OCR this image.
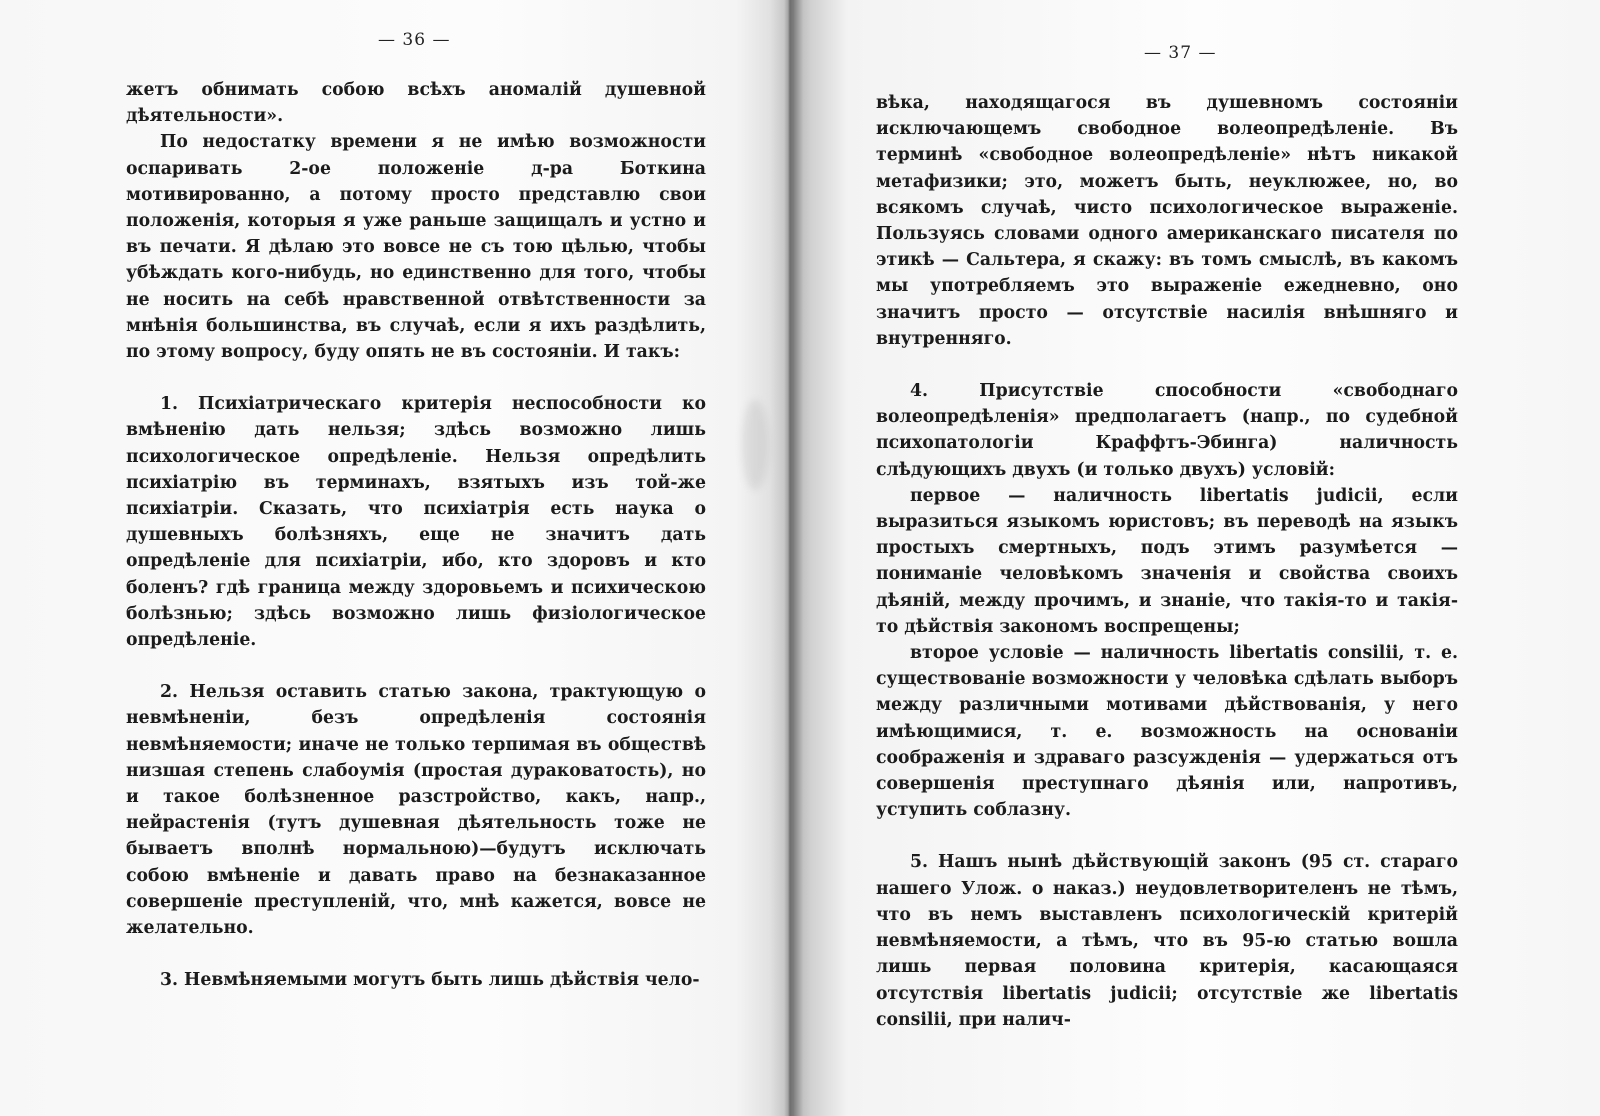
— 36 —

жетъ обнимать собою всѣхъ аномалій душевной дѣятельности».

По недостатку времени я не имѣю возможности оспаривать 2-ое положеніе д-ра Боткина мотивированно, а потому просто представлю свои положенія, которыя я уже раньше защищалъ и устно и въ печати. Я дѣлаю это вовсе не съ тою цѣлью, чтобы убѣждать кого-нибудь, но единственно для того, чтобы не носить на себѣ нравственной отвѣтственности за мнѣнія большинства, въ случаѣ, если я ихъ раздѣлить, по этому вопросу, буду опять не въ состояніи. И такъ:

1. Психіатрическаго критерія неспособности ко вмѣненію дать нельзя; здѣсь возможно лишь психологическое опредѣленіе. Нельзя опредѣлить психіатрію въ терминахъ, взятыхъ изъ той-же психіатріи. Сказать, что психіатрія есть наука о душевныхъ болѣзняхъ, еще не значитъ дать опредѣленіе для психіатріи, ибо, кто здоровъ и кто боленъ? гдѣ граница между здоровьемъ и психическою болѣзнью; здѣсь возможно лишь физіологическое опредѣленіе.

2. Нельзя оставить статью закона, трактующую о невмѣненіи, безъ опредѣленія состоянія невмѣняемости; иначе не только терпимая въ обществѣ низшая степень слабоумія (простая дураковатость), но и такое болѣзненное разстройство, какъ, напр., нейрастенія (тутъ душевная дѣятельность тоже не бываетъ вполнѣ нормальною)—будутъ исключать собою вмѣненіе и давать право на безнаказанное совершеніе преступленій, что, мнѣ кажется, вовсе не желательно.

3. Невмѣняемыми могутъ быть лишь дѣйствія чело-

— 37 —

вѣка, находящагося въ душевномъ состояніи исключающемъ свободное волеопредѣленіе. Въ терминѣ «свободное волеопредѣленіе» нѣтъ никакой метафизики; это, можетъ быть, неуклюжее, но, во всякомъ случаѣ, чисто психологическое выраженіе. Пользуясь словами одного американскаго писателя по этикѣ — Сальтера, я скажу: въ томъ смыслѣ, въ какомъ мы употребляемъ это выраженіе ежедневно, оно значитъ просто — отсутствіе насилія внѣшняго и внутренняго.

4. Присутствіе способности «свободнаго волеопредѣленія» предполагаетъ (напр., по судебной психопатологіи Краффтъ-Эбинга) наличность слѣдующихъ двухъ (и только двухъ) условій:

первое — наличность libertatis judicii, если выразиться языкомъ юристовъ; въ переводѣ на языкъ простыхъ смертныхъ, подъ этимъ разумѣется — пониманіе человѣкомъ значенія и свойства своихъ дѣяній, между прочимъ, и знаніе, что такія-то и такія-то дѣйствія закономъ воспрещены;

второе условіе — наличность libertatis consilii, т. е. существованіе возможности у человѣка сдѣлать выборъ между различными мотивами дѣйствованія, у него имѣющимися, т. е. возможность на основаніи соображенія и здраваго разсужденія — удержаться отъ совершенія преступнаго дѣянія или, напротивъ, уступить соблазну.

5. Нашъ нынѣ дѣйствующій законъ (95 ст. стараго нашего Улож. о наказ.) неудовлетворителенъ не тѣмъ, что въ немъ выставленъ психологическій критерій невмѣняемости, а тѣмъ, что въ 95-ю статью вошла лишь первая половина критерія, касающаяся отсутствія libertatis judicii; отсутствіе же libertatis consilii, при налич-
